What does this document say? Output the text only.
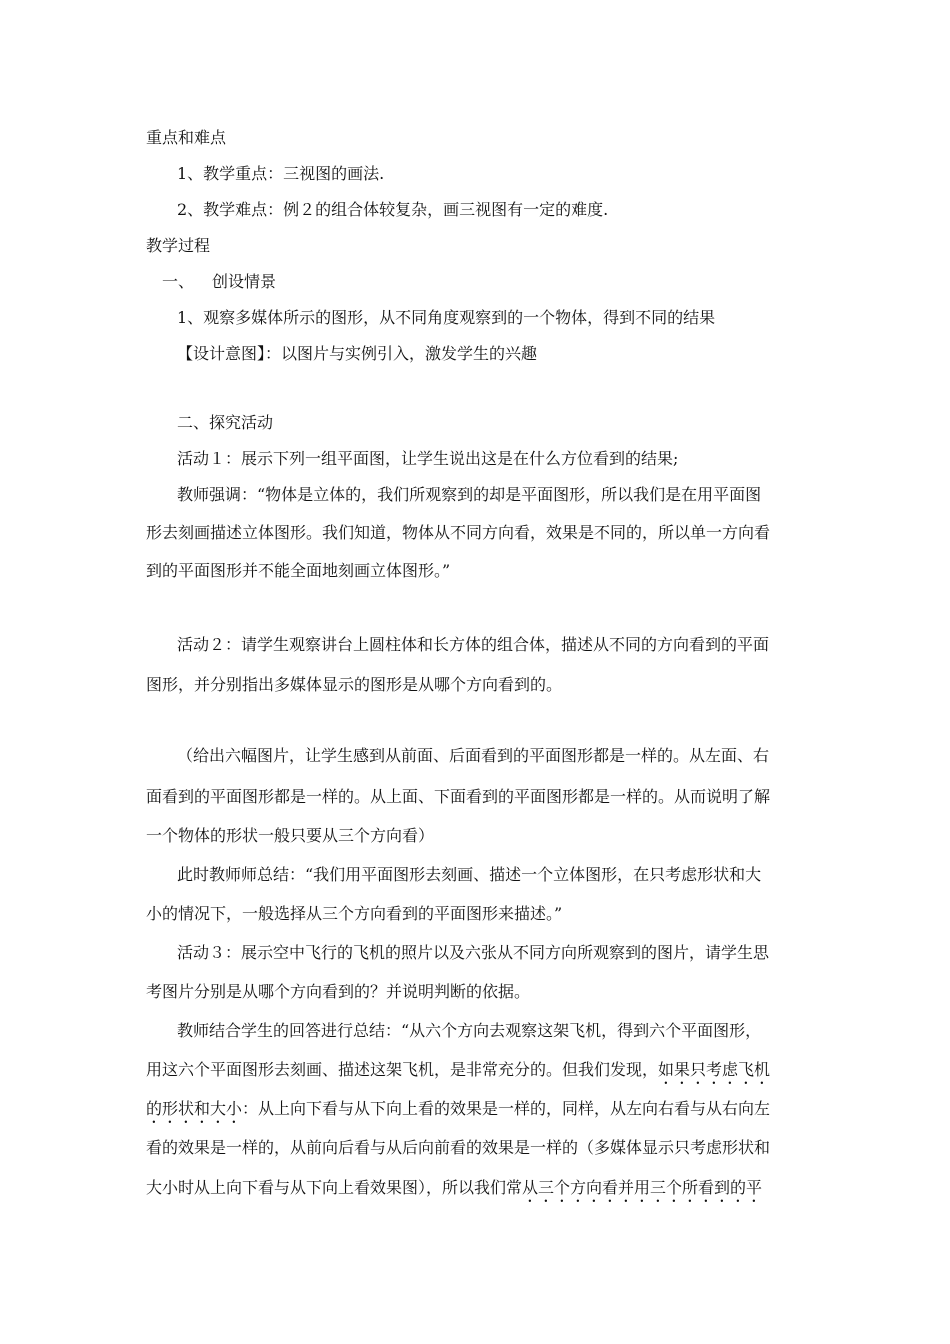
重点和难点
1、教学重点：三视图的画法.
2、教学难点：例２的组合体较复杂，画三视图有一定的难度.
教学过程
一、 创设情景
1、观察多媒体所示的图形，从不同角度观察到的一个物体，得到不同的结果
【设计意图】：以图片与实例引入，激发学生的兴趣
二、探究活动
活动１：展示下列一组平面图，让学生说出这是在什么方位看到的结果;
教师强调：“物体是立体的，我们所观察到的却是平面图形，所以我们是在用平面图
形去刻画描述立体图形。我们知道，物体从不同方向看，效果是不同的，所以单一方向看
到的平面图形并不能全面地刻画立体图形。”
活动２：请学生观察讲台上圆柱体和长方体的组合体，描述从不同的方向看到的平面
图形，并分别指出多媒体显示的图形是从哪个方向看到的。
（给出六幅图片，让学生感到从前面、后面看到的平面图形都是一样的。从左面、右
面看到的平面图形都是一样的。从上面、下面看到的平面图形都是一样的。从而说明了解
一个物体的形状一般只要从三个方向看）
此时教师师总结：“我们用平面图形去刻画、描述一个立体图形，在只考虑形状和大
小的情况下，一般选择从三个方向看到的平面图形来描述。”
活动３：展示空中飞行的飞机的照片以及六张从不同方向所观察到的图片，请学生思
考图片分别是从哪个方向看到的？并说明判断的依据。
教师结合学生的回答进行总结：“从六个方向去观察这架飞机，得到六个平面图形，
用这六个平面图形去刻画、描述这架飞机，是非常充分的。但我们发现，如果只考虑飞机
的形状和大小：从上向下看与从下向上看的效果是一样的，同样，从左向右看与从右向左
看的效果是一样的，从前向后看与从后向前看的效果是一样的（多媒体显示只考虑形状和
大小时从上向下看与从下向上看效果图），所以我们常从三个方向看并用三个所看到的平
